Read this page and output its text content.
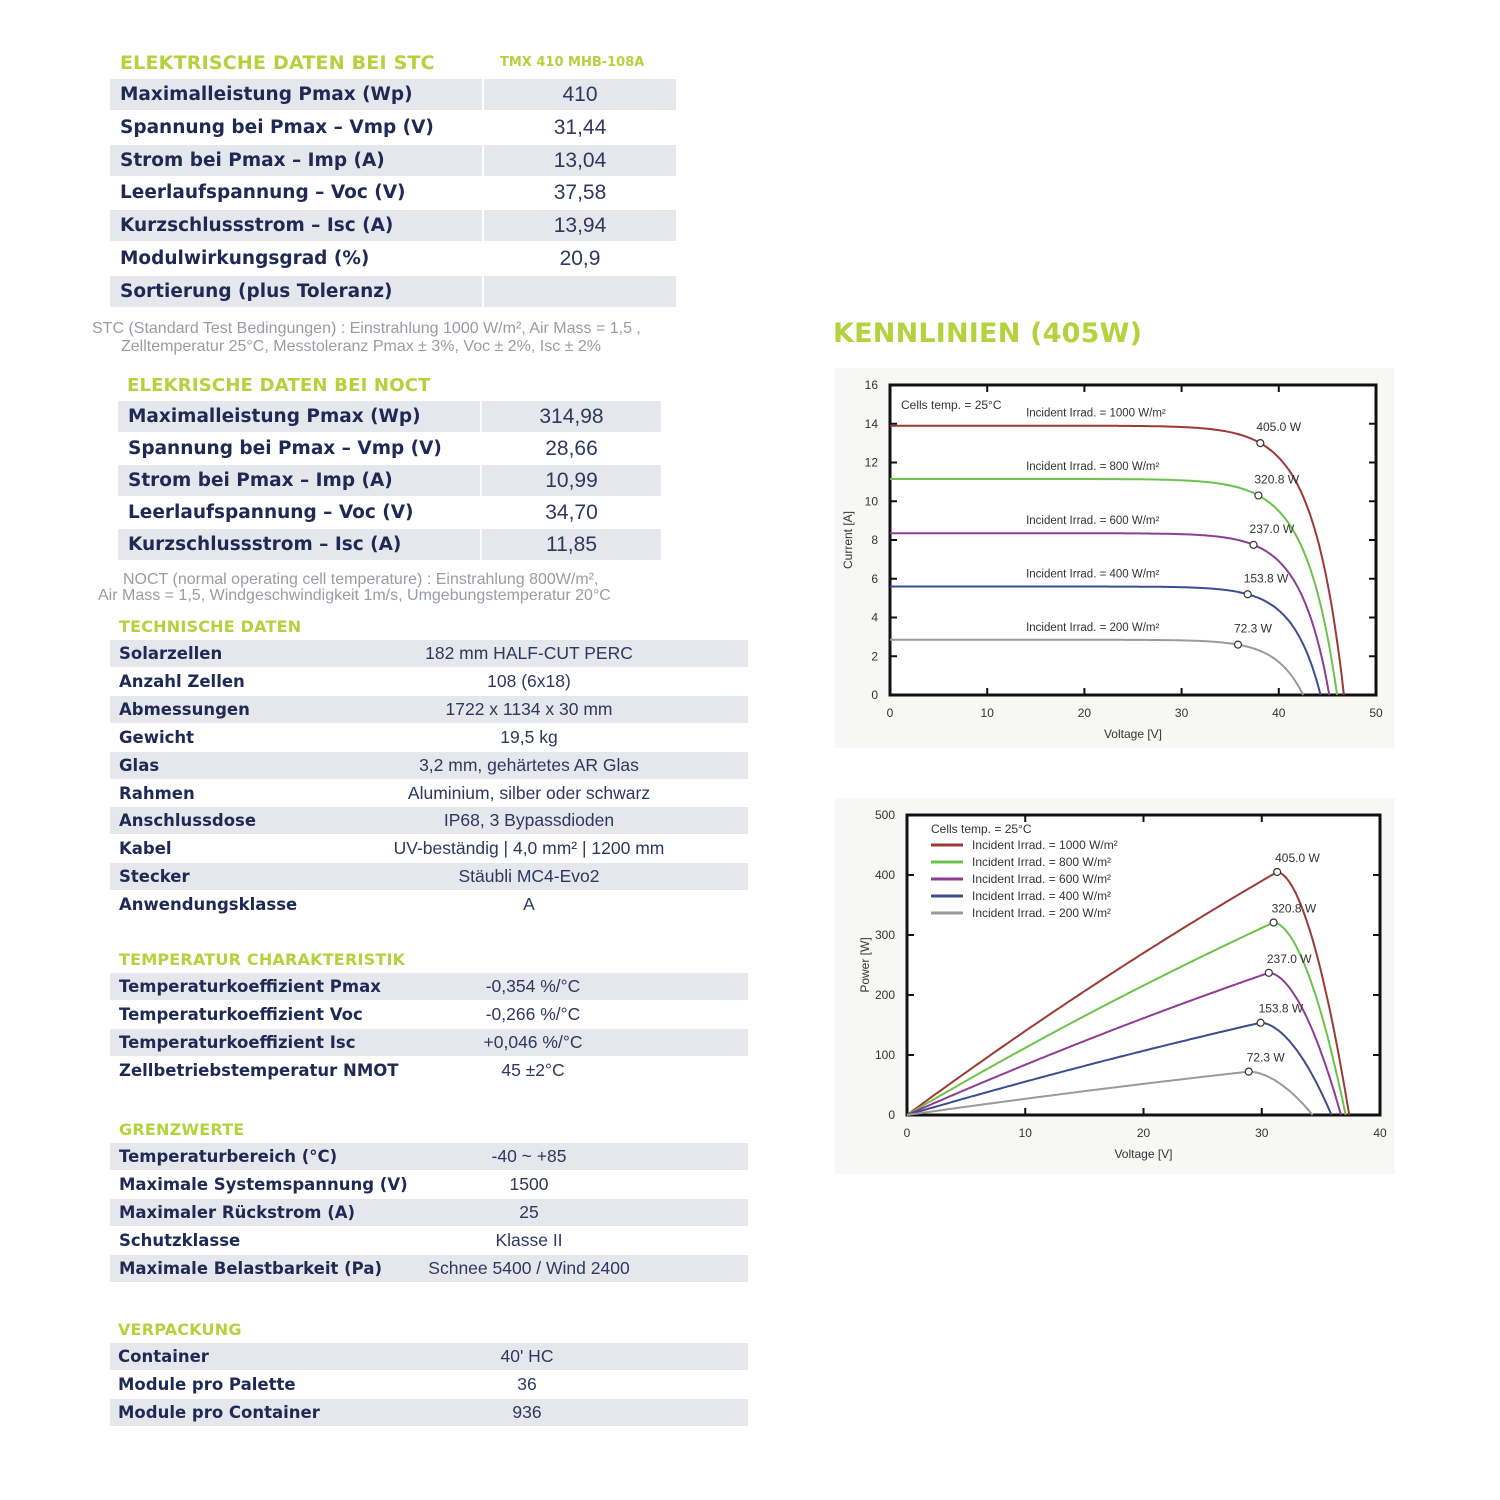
ELEKTRISCHE DATEN BEI STC	TMX 410 MHB-108A
Maximalleistung Pmax (Wp)	410
Spannung bei Pmax – Vmp (V)	31,44
Strom bei Pmax – Imp (A)	13,04
Leerlaufspannung – Voc (V)	37,58
Kurzschlussstrom – Isc (A)	13,94
Modulwirkungsgrad (%)	20,9
Sortierung (plus Toleranz)
STC (Standard Test Bedingungen) : Einstrahlung 1000 W/m², Air Mass = 1,5 ,
Zelltemperatur 25°C, Messtoleranz Pmax ± 3%, Voc ± 2%, Isc ± 2%
ELEKRISCHE DATEN BEI NOCT
Maximalleistung Pmax (Wp)	314,98
Spannung bei Pmax – Vmp (V)	28,66
Strom bei Pmax – Imp (A)	10,99
Leerlaufspannung – Voc (V)	34,70
Kurzschlussstrom – Isc (A)	11,85
NOCT (normal operating cell temperature) : Einstrahlung 800W/m²,
Air Mass = 1,5, Windgeschwindigkeit 1m/s, Umgebungstemperatur 20°C
TECHNISCHE DATEN
Solarzellen	182 mm HALF-CUT PERC
Anzahl Zellen	108 (6x18)
Abmessungen	1722 x 1134 x 30 mm
Gewicht	19,5 kg
Glas	3,2 mm, gehärtetes AR Glas
Rahmen	Aluminium, silber oder schwarz
Anschlussdose	IP68, 3 Bypassdioden
Kabel	UV-beständig | 4,0 mm² | 1200 mm
Stecker	Stäubli MC4-Evo2
Anwendungsklasse	A
TEMPERATUR CHARAKTERISTIK
Temperaturkoeffizient Pmax	-0,354 %/°C
Temperaturkoeffizient Voc	-0,266 %/°C
Temperaturkoeffizient Isc	+0,046 %/°C
Zellbetriebstemperatur NMOT	45 ±2°C
GRENZWERTE
Temperaturbereich (°C)	-40 ~ +85
Maximale Systemspannung (V)	1500
Maximaler Rückstrom (A)	25
Schutzklasse	Klasse II
Maximale Belastbarkeit (Pa)	Schnee 5400 / Wind 2400
VERPACKUNG
Container	40' HC
Module pro Palette	36
Module pro Container	936
KENNLINIEN (405W)
0	10	20	30	40	50
0
2
4
6
8
10
12
14
16
Voltage [V]
Current [A]
Cells temp. = 25°C
405.0 W
Incident Irrad. = 1000 W/m²
320.8 W
Incident Irrad. = 800 W/m²
237.0 W
Incident Irrad. = 600 W/m²
153.8 W
Incident Irrad. = 400 W/m²
72.3 W
Incident Irrad. = 200 W/m²
0	10	20	30	40
0
100
200
300
400
500
Voltage [V]
Power [W]
Cells temp. = 25°C
Incident Irrad. = 1000 W/m²
Incident Irrad. = 800 W/m²
Incident Irrad. = 600 W/m²
Incident Irrad. = 400 W/m²
Incident Irrad. = 200 W/m²
405.0 W
320.8 W
237.0 W
153.8 W
72.3 W
